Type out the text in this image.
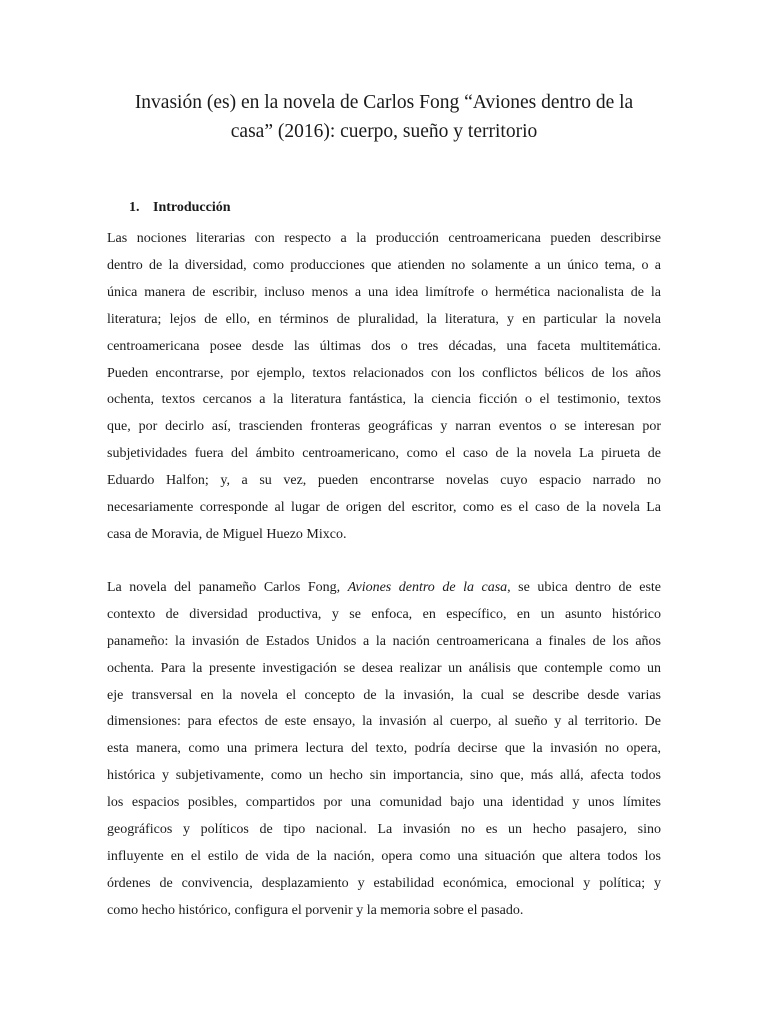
Invasión (es) en la novela de Carlos Fong “Aviones dentro de la
casa” (2016): cuerpo, sueño y territorio
1. Introducción

Las nociones literarias con respecto a la producción centroamericana pueden describirse
dentro de la diversidad, como producciones que atienden no solamente a un único tema, o a
única manera de escribir, incluso menos a una idea limítrofe o hermética nacionalista de la
literatura; lejos de ello, en términos de pluralidad, la literatura, y en particular la novela
centroamericana posee desde las últimas dos o tres décadas, una faceta multitemática.
Pueden encontrarse, por ejemplo, textos relacionados con los conflictos bélicos de los años
ochenta, textos cercanos a la literatura fantástica, la ciencia ficción o el testimonio, textos
que, por decirlo así, trascienden fronteras geográficas y narran eventos o se interesan por
subjetividades fuera del ámbito centroamericano, como el caso de la novela La pirueta de
Eduardo Halfon; y, a su vez, pueden encontrarse novelas cuyo espacio narrado no
necesariamente corresponde al lugar de origen del escritor, como es el caso de la novela La
casa de Moravia, de Miguel Huezo Mixco.

La novela del panameño Carlos Fong, Aviones dentro de la casa, se ubica dentro de este
contexto de diversidad productiva, y se enfoca, en específico, en un asunto histórico
panameño: la invasión de Estados Unidos a la nación centroamericana a finales de los años
ochenta. Para la presente investigación se desea realizar un análisis que contemple como un
eje transversal en la novela el concepto de la invasión, la cual se describe desde varias
dimensiones: para efectos de este ensayo, la invasión al cuerpo, al sueño y al territorio. De
esta manera, como una primera lectura del texto, podría decirse que la invasión no opera,
histórica y subjetivamente, como un hecho sin importancia, sino que, más allá, afecta todos
los espacios posibles, compartidos por una comunidad bajo una identidad y unos límites
geográficos y políticos de tipo nacional. La invasión no es un hecho pasajero, sino
influyente en el estilo de vida de la nación, opera como una situación que altera todos los
órdenes de convivencia, desplazamiento y estabilidad económica, emocional y política; y
como hecho histórico, configura el porvenir y la memoria sobre el pasado.
